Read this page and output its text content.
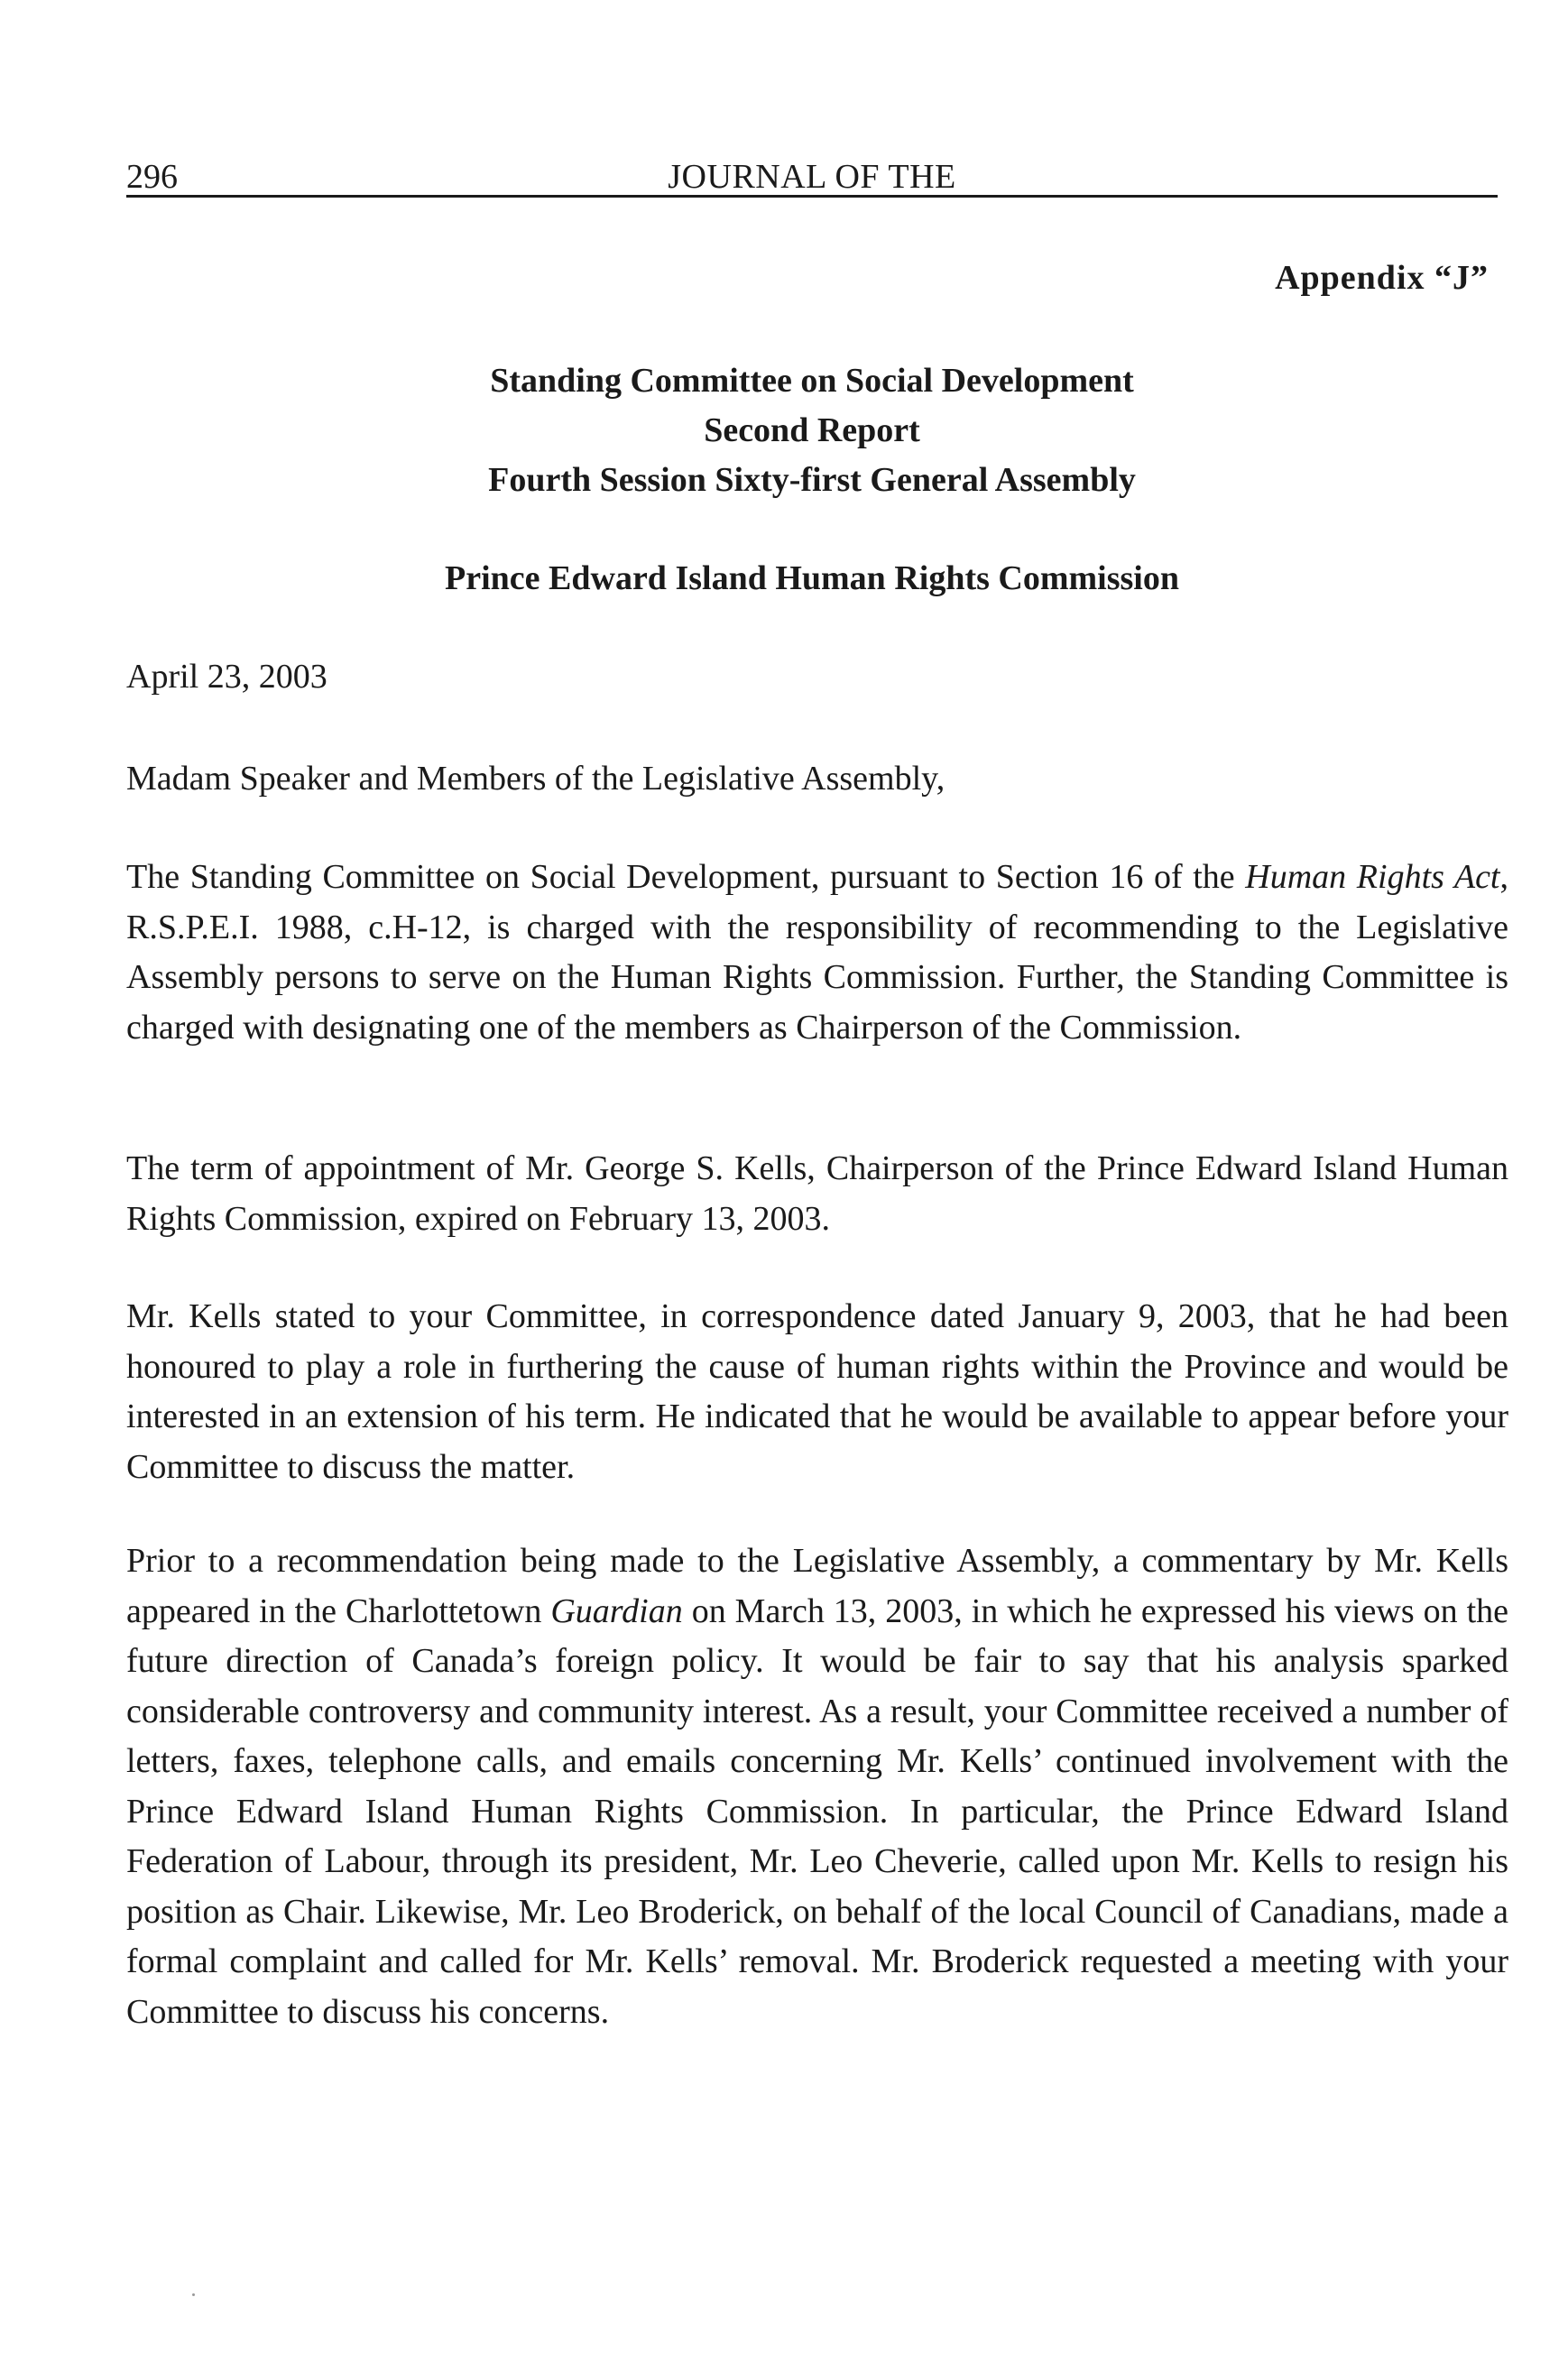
296	JOURNAL OF THE
Appendix “J”
Standing Committee on Social Development
Second Report
Fourth Session Sixty-first General Assembly
Prince Edward Island Human Rights Commission
April 23, 2003
Madam Speaker and Members of the Legislative Assembly,

The Standing Committee on Social Development, pursuant to Section 16 of the Human Rights Act, R.S.P.E.I. 1988, c.H-12, is charged with the responsibility of recommending to the Legislative Assembly persons to serve on the Human Rights Commission. Further, the Standing Committee is charged with designating one of the members as Chairperson of the Commission.

The term of appointment of Mr. George S. Kells, Chairperson of the Prince Edward Island Human Rights Commission, expired on February 13, 2003.

Mr. Kells stated to your Committee, in correspondence dated January 9, 2003, that he had been honoured to play a role in furthering the cause of human rights within the Province and would be interested in an extension of his term. He indicated that he would be available to appear before your Committee to discuss the matter.

Prior to a recommendation being made to the Legislative Assembly, a commentary by Mr. Kells appeared in the Charlottetown Guardian on March 13, 2003, in which he expressed his views on the future direction of Canada’s foreign policy. It would be fair to say that his analysis sparked considerable controversy and community interest. As a result, your Committee received a number of letters, faxes, telephone calls, and emails concerning Mr. Kells’ continued involvement with the Prince Edward Island Human Rights Commission. In particular, the Prince Edward Island Federation of Labour, through its president, Mr. Leo Cheverie, called upon Mr. Kells to resign his position as Chair. Likewise, Mr. Leo Broderick, on behalf of the local Council of Canadians, made a formal complaint and called for Mr. Kells’ removal. Mr. Broderick requested a meeting with your Committee to discuss his concerns.
